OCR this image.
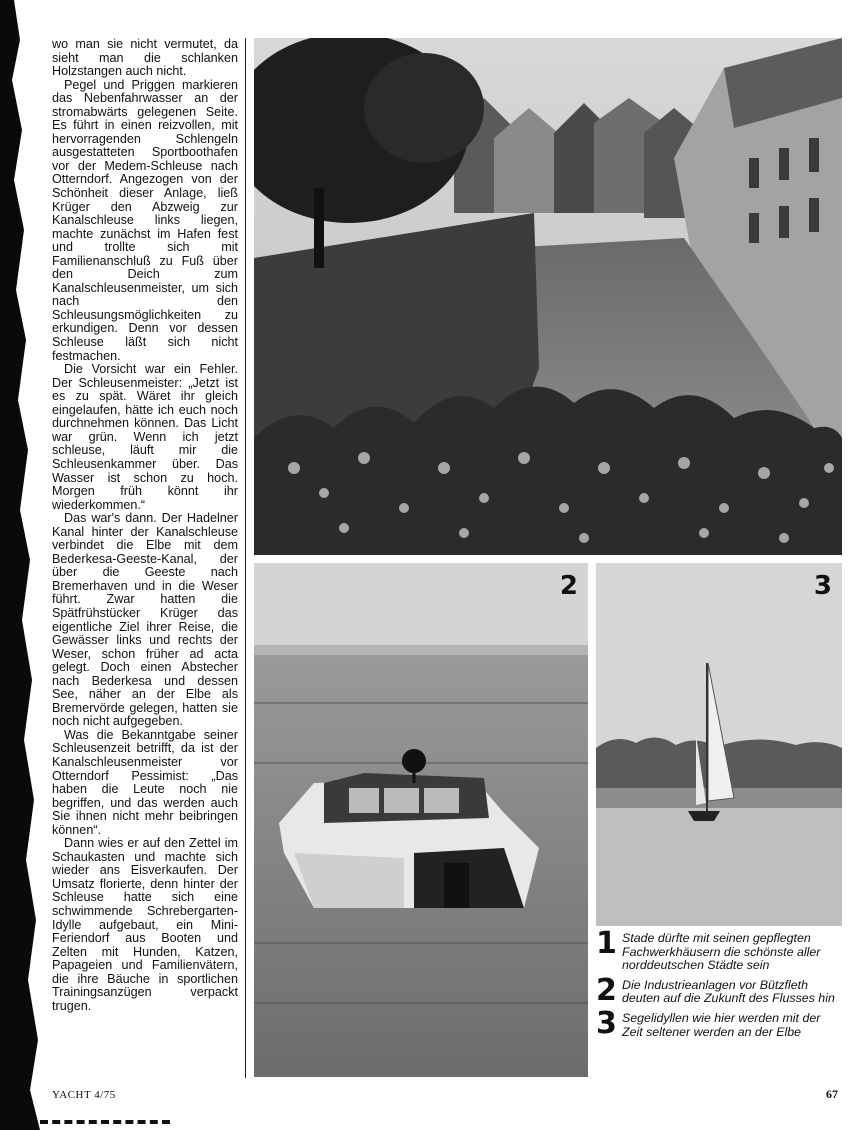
wo man sie nicht vermutet, da sieht man die schlanken Holzstangen auch nicht.

Pegel und Priggen markieren das Nebenfahrwasser an der stromabwärts gelegenen Seite. Es führt in einen reizvollen, mit hervorragenden Schlengeln ausgestatteten Sportboothafen vor der Medem-Schleuse nach Otterndorf. Angezogen von der Schönheit dieser Anlage, ließ Krüger den Abzweig zur Kanalschleuse links liegen, machte zunächst im Hafen fest und trollte sich mit Familienanschluß zu Fuß über den Deich zum Kanalschleusenmeister, um sich nach den Schleusungsmöglichkeiten zu erkundigen. Denn vor dessen Schleuse läßt sich nicht festmachen.

Die Vorsicht war ein Fehler. Der Schleusenmeister: „Jetzt ist es zu spät. Wäret ihr gleich eingelaufen, hätte ich euch noch durchnehmen können. Das Licht war grün. Wenn ich jetzt schleuse, läuft mir die Schleusenkammer über. Das Wasser ist schon zu hoch. Morgen früh könnt ihr wiederkommen.“

Das war's dann. Der Hadelner Kanal hinter der Kanalschleuse verbindet die Elbe mit dem Bederkesa-Geeste-Kanal, der über die Geeste nach Bremerhaven und in die Weser führt. Zwar hatten die Spätfrühstücker Krüger das eigentliche Ziel ihrer Reise, die Gewässer links und rechts der Weser, schon früher ad acta gelegt. Doch einen Abstecher nach Bederkesa und dessen See, näher an der Elbe als Bremervörde gelegen, hatten sie noch nicht aufgegeben.

Was die Bekanntgabe seiner Schleusenzeit betrifft, da ist der Kanalschleusenmeister vor Otterndorf Pessimist: „Das haben die Leute noch nie begriffen, und das werden auch Sie ihnen nicht mehr beibringen können“.

Dann wies er auf den Zettel im Schaukasten und machte sich wieder ans Eisverkaufen. Der Umsatz florierte, denn hinter der Schleuse hatte sich eine schwimmende Schrebergarten-Idylle aufgebaut, ein Mini-Feriendorf aus Booten und Zelten mit Hunden, Katzen, Papageien und Familienvätern, die ihre Bäuche in sportlichen Trainingsanzügen verpackt trugen.

2	3
1 Stade dürfte mit seinen gepflegten Fachwerkhäusern die schönste aller norddeutschen Städte sein
2 Die Industrieanlagen vor Bützfleth deuten auf die Zukunft des Flusses hin
3 Segelidyllen wie hier werden mit der Zeit seltener werden an der Elbe
YACHT 4/75	67
